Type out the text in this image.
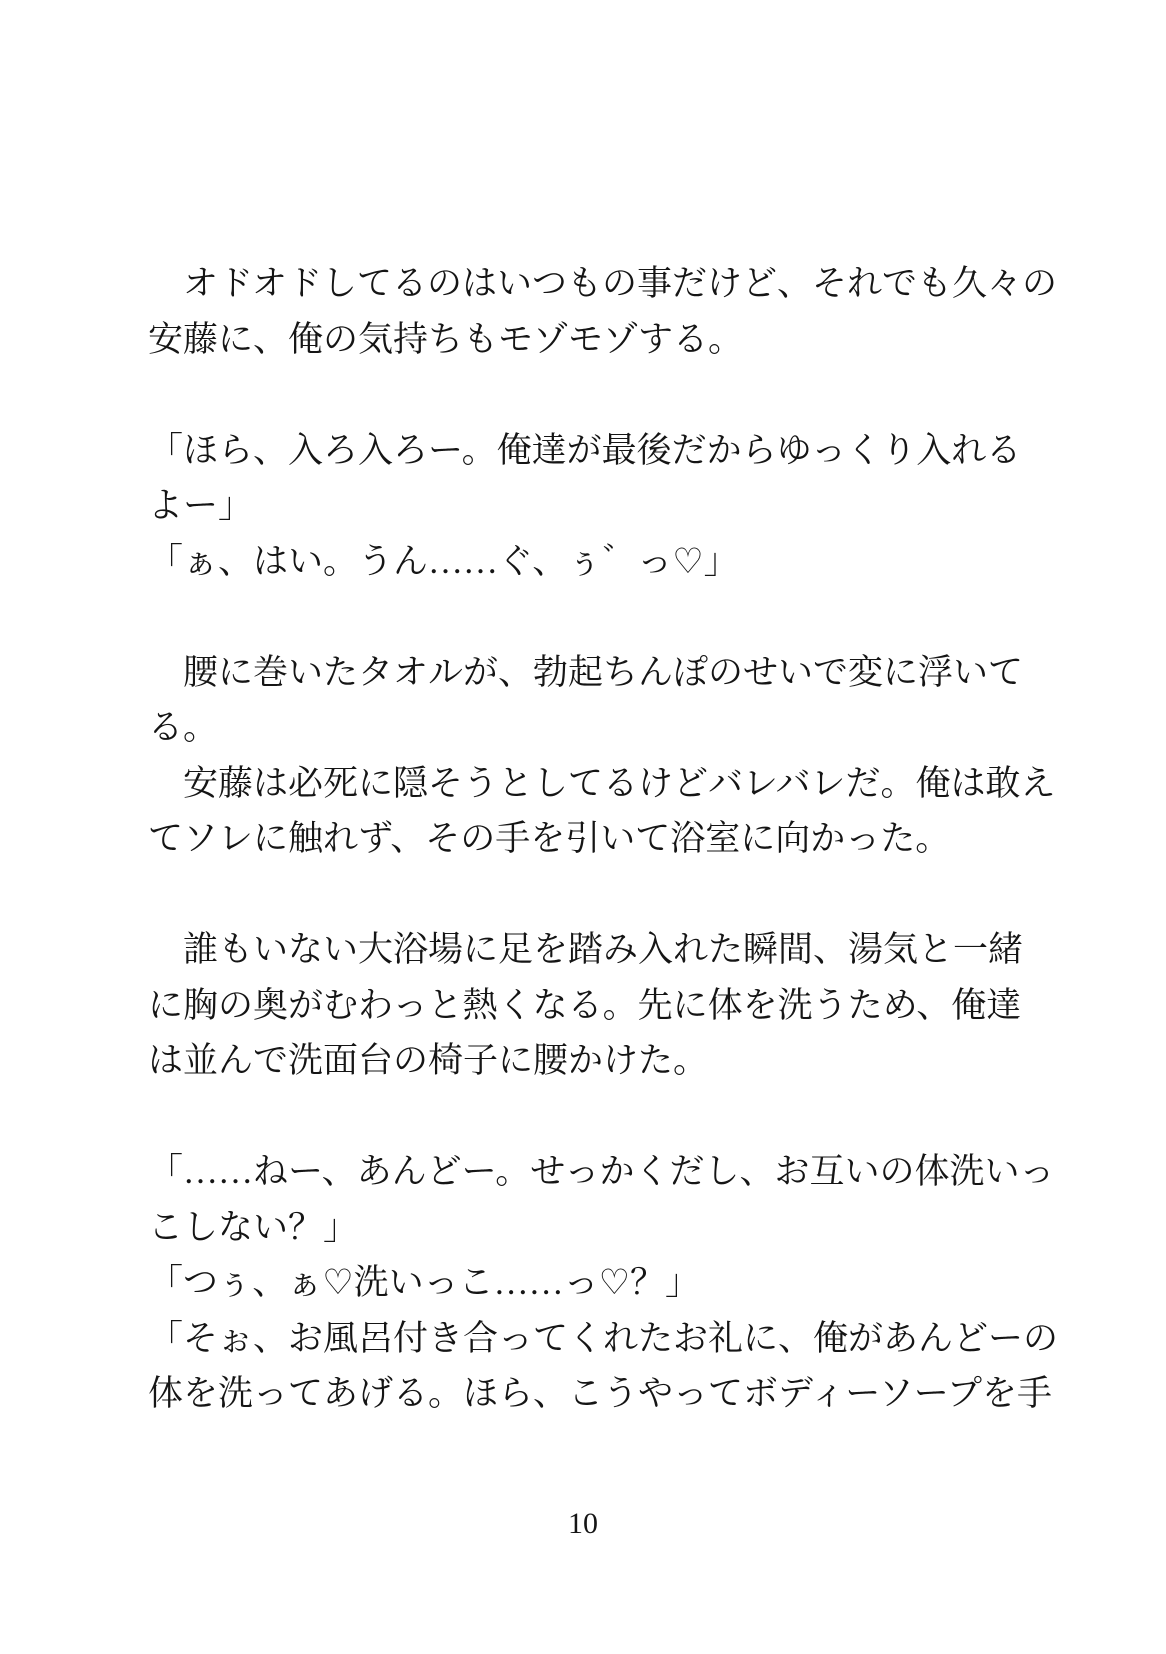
　オドオドしてるのはいつもの事だけど、それでも久々の
安藤に、俺の気持ちもモゾモゾする。
「ほら、入ろ入ろー。俺達が最後だからゆっくり入れる
よー」
「ぁ、はい。うん……ぐ、ぅ゛っ♡」
　腰に巻いたタオルが、勃起ちんぽのせいで変に浮いて
る。
　安藤は必死に隠そうとしてるけどバレバレだ。俺は敢え
てソレに触れず、その手を引いて浴室に向かった。
　誰もいない大浴場に足を踏み入れた瞬間、湯気と一緒
に胸の奥がむわっと熱くなる。先に体を洗うため、俺達
は並んで洗面台の椅子に腰かけた。
「……ねー、あんどー。せっかくだし、お互いの体洗いっ
こしない？」
「つぅ、ぁ♡洗いっこ……っ♡？」
「そぉ、お風呂付き合ってくれたお礼に、俺があんどーの
体を洗ってあげる。ほら、こうやってボディーソープを手
10
